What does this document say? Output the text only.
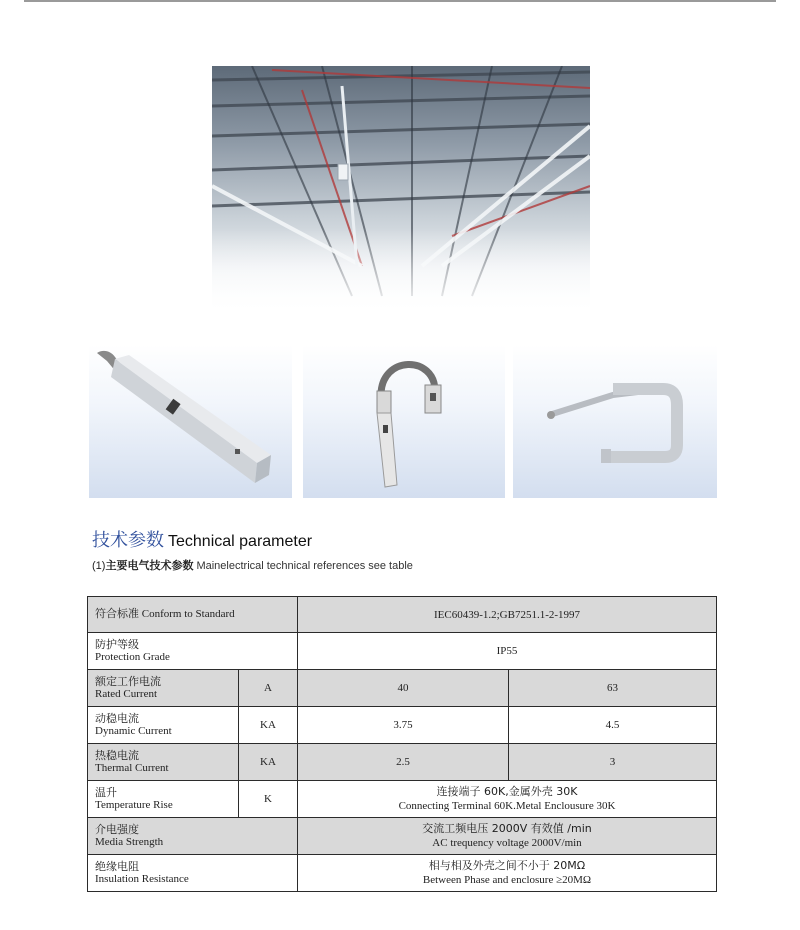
技术参数 Technical parameter
(1)主要电气技术参数 Mainelectrical technical references see table
符合标准 Conform to Standard		IEC60439-1.2;GB7251.1-2-1997	

防护等级
Protection Grade		IP55	

额定工作电流
Rated Current	A	40	63

动稳电流
Dynamic Current	KA	3.75	4.5

热稳电流
Thermal Current	KA	2.5	3

温升
Temperature Rise	K	连接端子 60K,金属外壳 30K
Connecting Terminal 60K.Metal Enclousure 30K	

介电强度
Media Strength		交流工频电压 2000V 有效值 /min
AC trequency voltage 2000V/min	

绝缘电阻
Insulation Resistance		相与相及外壳之间不小于 20MΩ
Between Phase and enclosure ≥20MΩ	
